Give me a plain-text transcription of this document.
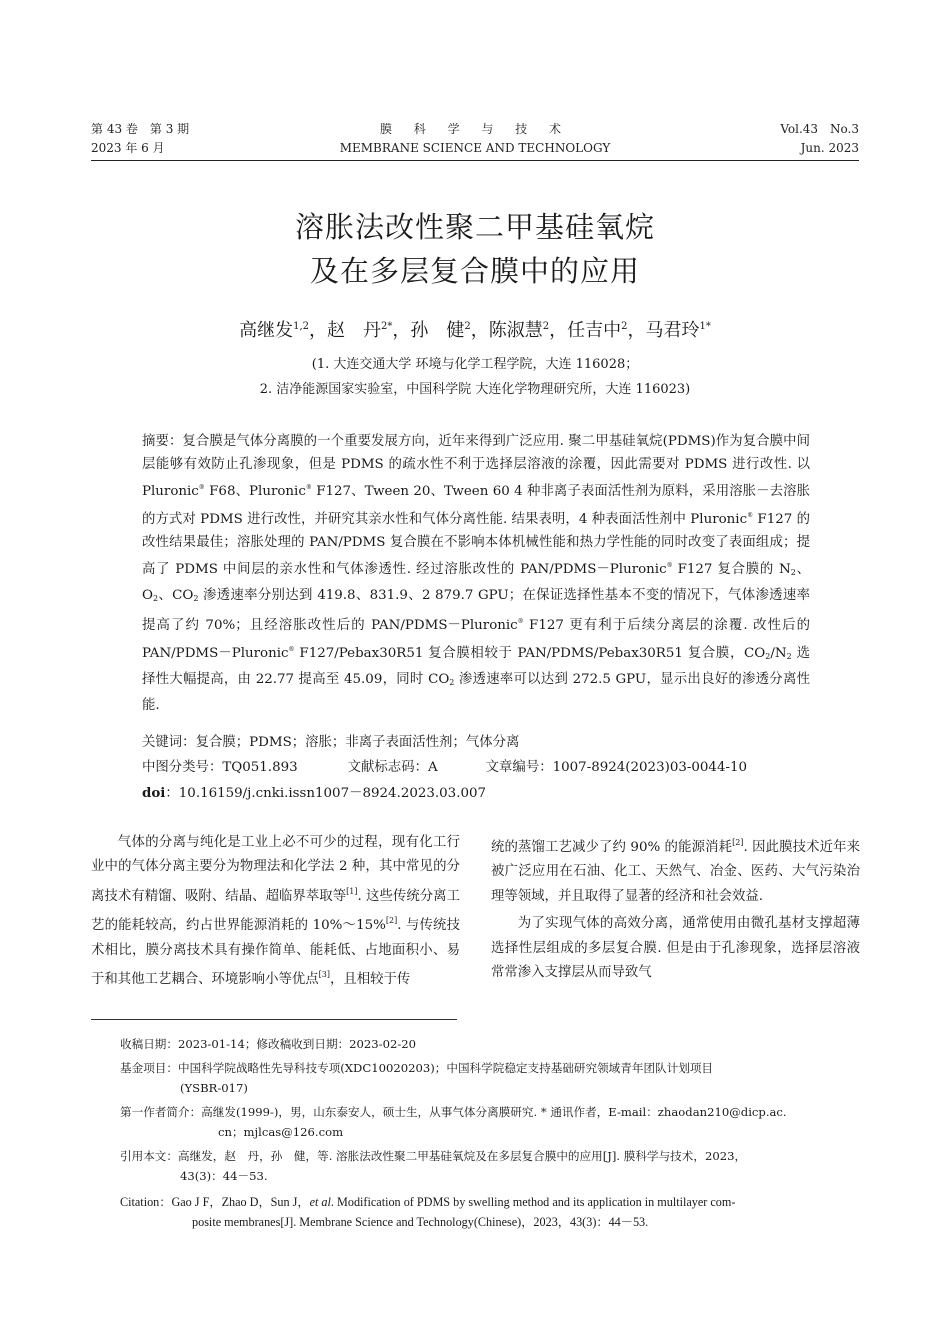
第 43 卷　第 3 期
2023 年 6 月
膜 科 学 与 技 术
MEMBRANE SCIENCE AND TECHNOLOGY
Vol.43　No.3
Jun. 2023
溶胀法改性聚二甲基硅氧烷
及在多层复合膜中的应用
高继发$^{1,2}$，赵　丹$^{2*}$，孙　健$^2$，陈淑慧$^2$，任吉中$^2$，马君玲$^{1*}$
(1. 大连交通大学 环境与化学工程学院，大连 116028；
2. 洁净能源国家实验室，中国科学院 大连化学物理研究所，大连 116023)
摘要：复合膜是气体分离膜的一个重要发展方向，近年来得到广泛应用. 聚二甲基硅氧烷(PDMS)作为复合膜中间层能够有效防止孔渗现象，但是 PDMS 的疏水性不利于选择层溶液的涂覆，因此需要对 PDMS 进行改性. 以 Pluronic® F68、Pluronic® F127、Tween 20、Tween 60 4 种非离子表面活性剂为原料，采用溶胀－去溶胀的方式对 PDMS 进行改性，并研究其亲水性和气体分离性能. 结果表明，4 种表面活性剂中 Pluronic® F127 的改性结果最佳；溶胀处理的 PAN/PDMS 复合膜在不影响本体机械性能和热力学性能的同时改变了表面组成；提高了 PDMS 中间层的亲水性和气体渗透性. 经过溶胀改性的 PAN/PDMS－Pluronic® F127 复合膜的 $N_2$、$O_2$、$CO_2$ 渗透速率分别达到 419.8、831.9、2 879.7 GPU；在保证选择性基本不变的情况下，气体渗透速率提高了约 70%；且经溶胀改性后的 PAN/PDMS－Pluronic® F127 更有利于后续分离层的涂覆. 改性后的 PAN/PDMS－Pluronic® F127/Pebax30R51 复合膜相较于 PAN/PDMS/Pebax30R51 复合膜，$CO_2/N_2$ 选择性大幅提高，由 22.77 提高至 45.09，同时 $CO_2$ 渗透速率可以达到 272.5 GPU，显示出良好的渗透分离性能.
关键词：复合膜；PDMS；溶胀；非离子表面活性剂；气体分离
中图分类号：TQ051.893	文献标志码：A	文章编号：1007-8924(2023)03-0044-10
doi：10.16159/j.cnki.issn1007－8924.2023.03.007

气体的分离与纯化是工业上必不可少的过程，现有化工行业中的气体分离主要分为物理法和化学法 2 种，其中常见的分离技术有精馏、吸附、结晶、超临界萃取等[1]. 这些传统分离工艺的能耗较高，约占世界能源消耗的 10%～15%[2]. 与传统技术相比，膜分离技术具有操作简单、能耗低、占地面积小、易于和其他工艺耦合、环境影响小等优点[3]，且相较于传

统的蒸馏工艺减少了约 90% 的能源消耗[2]. 因此膜技术近年来被广泛应用在石油、化工、天然气、冶金、医药、大气污染治理等领域，并且取得了显著的经济和社会效益.

为了实现气体的高效分离，通常使用由微孔基材支撑超薄选择性层组成的多层复合膜. 但是由于孔渗现象，选择层溶液常常渗入支撑层从而导致气

收稿日期：2023-01-14；修改稿收到日期：2023-02-20
基金项目：中国科学院战略性先导科技专项(XDC10020203)；中国科学院稳定支持基础研究领域青年团队计划项目
(YSBR-017)
第一作者简介：高继发(1999-)，男，山东泰安人，硕士生，从事气体分离膜研究. * 通讯作者，E-mail：zhaodan210@dicp.ac.
cn；mjlcas@126.com
引用本文：高继发，赵　丹，孙　健，等. 溶胀法改性聚二甲基硅氧烷及在多层复合膜中的应用[J]. 膜科学与技术，2023，
43(3)：44－53.
Citation：Gao J F，Zhao D，Sun J，et al. Modification of PDMS by swelling method and its application in multilayer com-
posite membranes[J]. Membrane Science and Technology(Chinese)，2023，43(3)：44－53.
